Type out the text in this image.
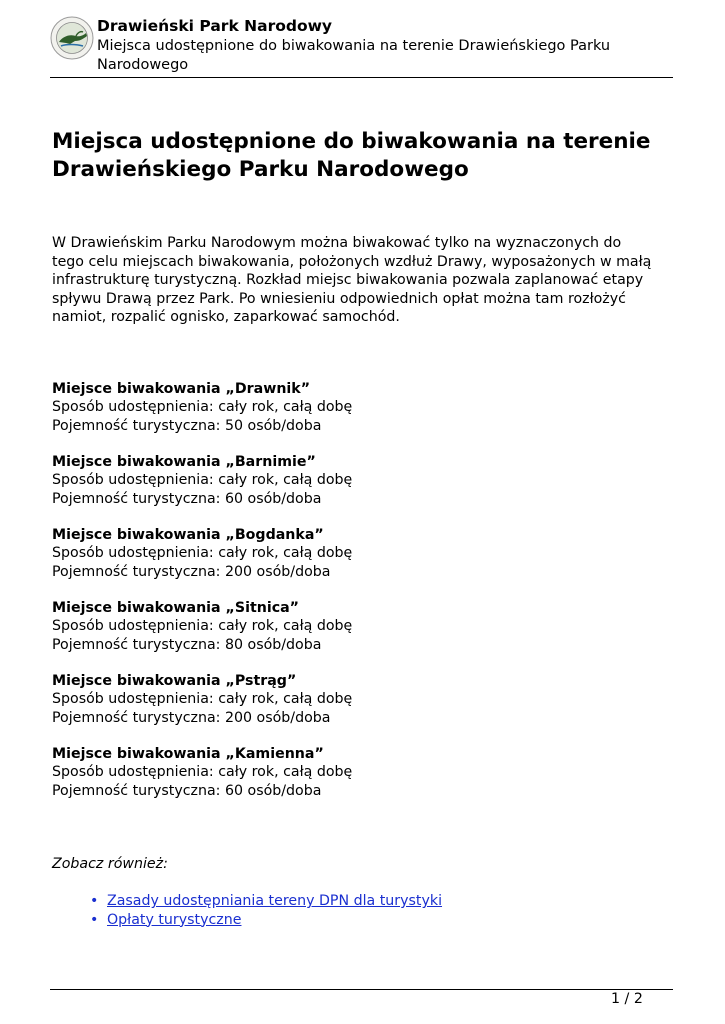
Drawieński Park Narodowy
Miejsca udostępnione do biwakowania na terenie Drawieńskiego Parku
Narodowego
Miejsca udostępnione do biwakowania na terenie
Drawieńskiego Parku Narodowego

W Drawieńskim Parku Narodowym można biwakować tylko na wyznaczonych do

tego celu miejscach biwakowania, położonych wzdłuż Drawy, wyposażonych w małą

infrastrukturę turystyczną. Rozkład miejsc biwakowania pozwala zaplanować etapy

spływu Drawą przez Park. Po wniesieniu odpowiednich opłat można tam rozłożyć

namiot, rozpalić ognisko, zaparkować samochód.

Miejsce biwakowania „Drawnik”
Sposób udostępnienia: cały rok, całą dobę
Pojemność turystyczna: 50 osób/doba
Miejsce biwakowania „Barnimie”
Sposób udostępnienia: cały rok, całą dobę
Pojemność turystyczna: 60 osób/doba
Miejsce biwakowania „Bogdanka”
Sposób udostępnienia: cały rok, całą dobę
Pojemność turystyczna: 200 osób/doba
Miejsce biwakowania „Sitnica”
Sposób udostępnienia: cały rok, całą dobę
Pojemność turystyczna: 80 osób/doba
Miejsce biwakowania „Pstrąg”
Sposób udostępnienia: cały rok, całą dobę
Pojemność turystyczna: 200 osób/doba
Miejsce biwakowania „Kamienna”
Sposób udostępnienia: cały rok, całą dobę
Pojemność turystyczna: 60 osób/doba
Zobacz również:
• Zasady udostępniania tereny DPN dla turystyki
• Opłaty turystyczne
1 / 2
